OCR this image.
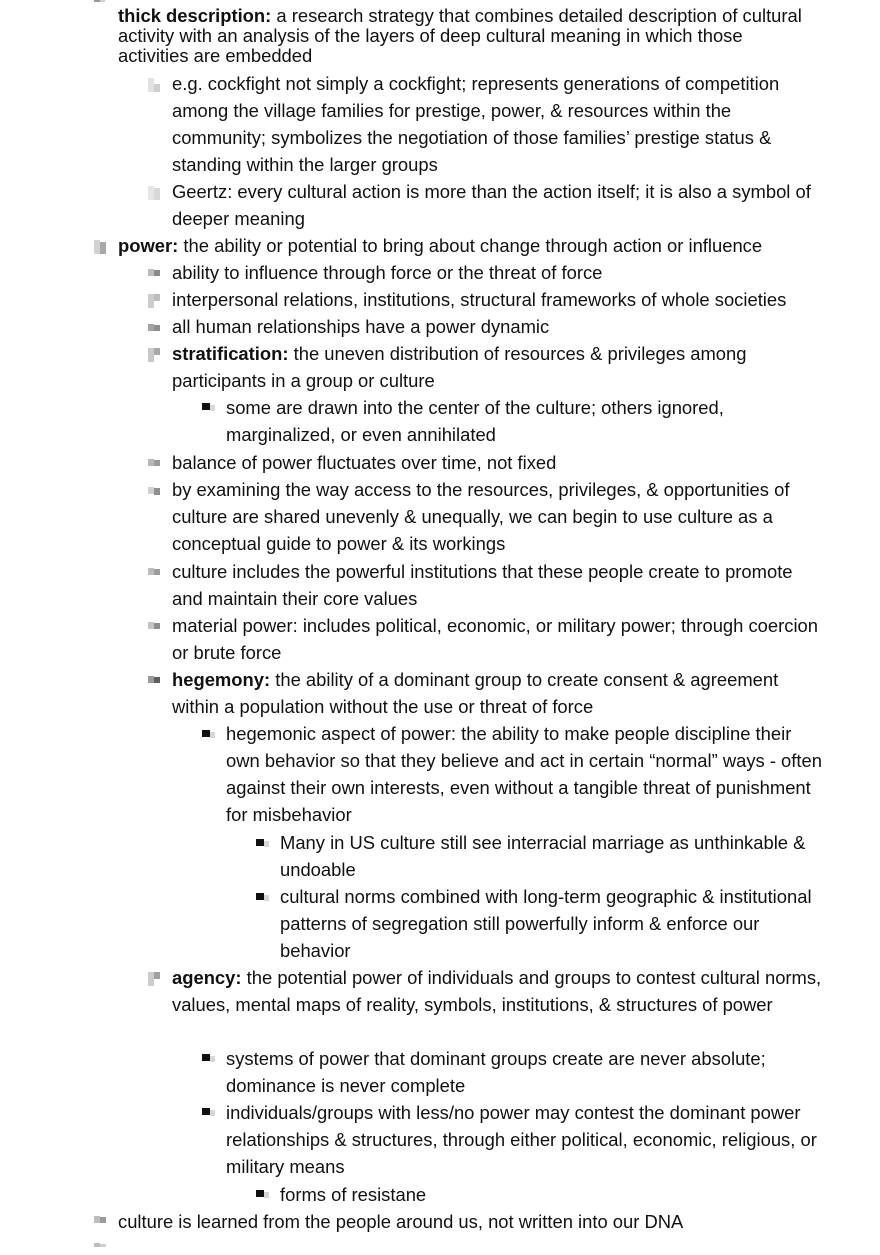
thick description: a research strategy that combines detailed description of cultural activity with an analysis of the layers of deep cultural meaning in which those activities are embedded
e.g. cockfight not simply a cockfight; represents generations of competition among the village families for prestige, power, & resources within the community; symbolizes the negotiation of those families’ prestige status & standing within the larger groups
Geertz: every cultural action is more than the action itself; it is also a symbol of deeper meaning
power: the ability or potential to bring about change through action or influence
ability to influence through force or the threat of force
interpersonal relations, institutions, structural frameworks of whole societies
all human relationships have a power dynamic
stratification: the uneven distribution of resources & privileges among participants in a group or culture
some are drawn into the center of the culture; others ignored, marginalized, or even annihilated
balance of power fluctuates over time, not fixed
by examining the way access to the resources, privileges, & opportunities of culture are shared unevenly & unequally, we can begin to use culture as a conceptual guide to power & its workings
culture includes the powerful institutions that these people create to promote and maintain their core values
material power: includes political, economic, or military power; through coercion or brute force
hegemony: the ability of a dominant group to create consent & agreement within a population without the use or threat of force
hegemonic aspect of power: the ability to make people discipline their own behavior so that they believe and act in certain “normal” ways - often against their own interests, even without a tangible threat of punishment for misbehavior
Many in US culture still see interracial marriage as unthinkable & undoable
cultural norms combined with long-term geographic & institutional patterns of segregation still powerfully inform & enforce our behavior
agency: the potential power of individuals and groups to contest cultural norms, values, mental maps of reality, symbols, institutions, & structures of power
systems of power that dominant groups create are never absolute; dominance is never complete
individuals/groups with less/no power may contest the dominant power relationships & structures, through either political, economic, religious, or military means
forms of resistane
culture is learned from the people around us, not written into our DNA
